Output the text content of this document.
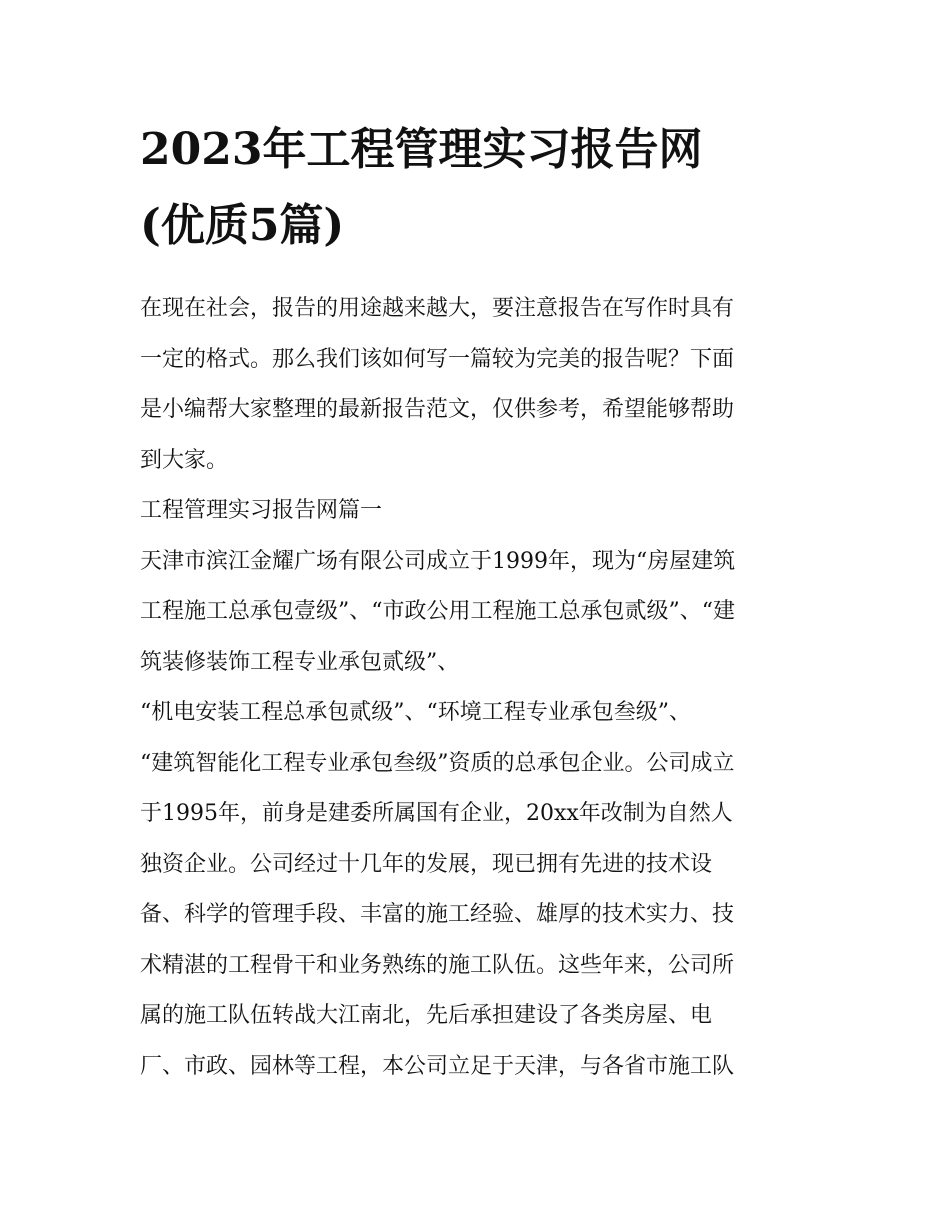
2023年工程管理实习报告网
(优质5篇)

在现在社会，报告的用途越来越大，要注意报告在写作时具有
一定的格式。那么我们该如何写一篇较为完美的报告呢？下面
是小编帮大家整理的最新报告范文，仅供参考，希望能够帮助
到大家。

工程管理实习报告网篇一

天津市滨江金耀广场有限公司成立于1999年，现为“房屋建筑
工程施工总承包壹级”、“市政公用工程施工总承包贰级”、“建
筑装修装饰工程专业承包贰级”、
“机电安装工程总承包贰级”、“环境工程专业承包叁级”、
“建筑智能化工程专业承包叁级”资质的总承包企业。公司成立
于1995年，前身是建委所属国有企业，20xx年改制为自然人
独资企业。公司经过十几年的发展，现已拥有先进的技术设
备、科学的管理手段、丰富的施工经验、雄厚的技术实力、技
术精湛的工程骨干和业务熟练的施工队伍。这些年来，公司所
属的施工队伍转战大江南北，先后承担建设了各类房屋、电
厂、市政、园林等工程，本公司立足于天津，与各省市施工队
